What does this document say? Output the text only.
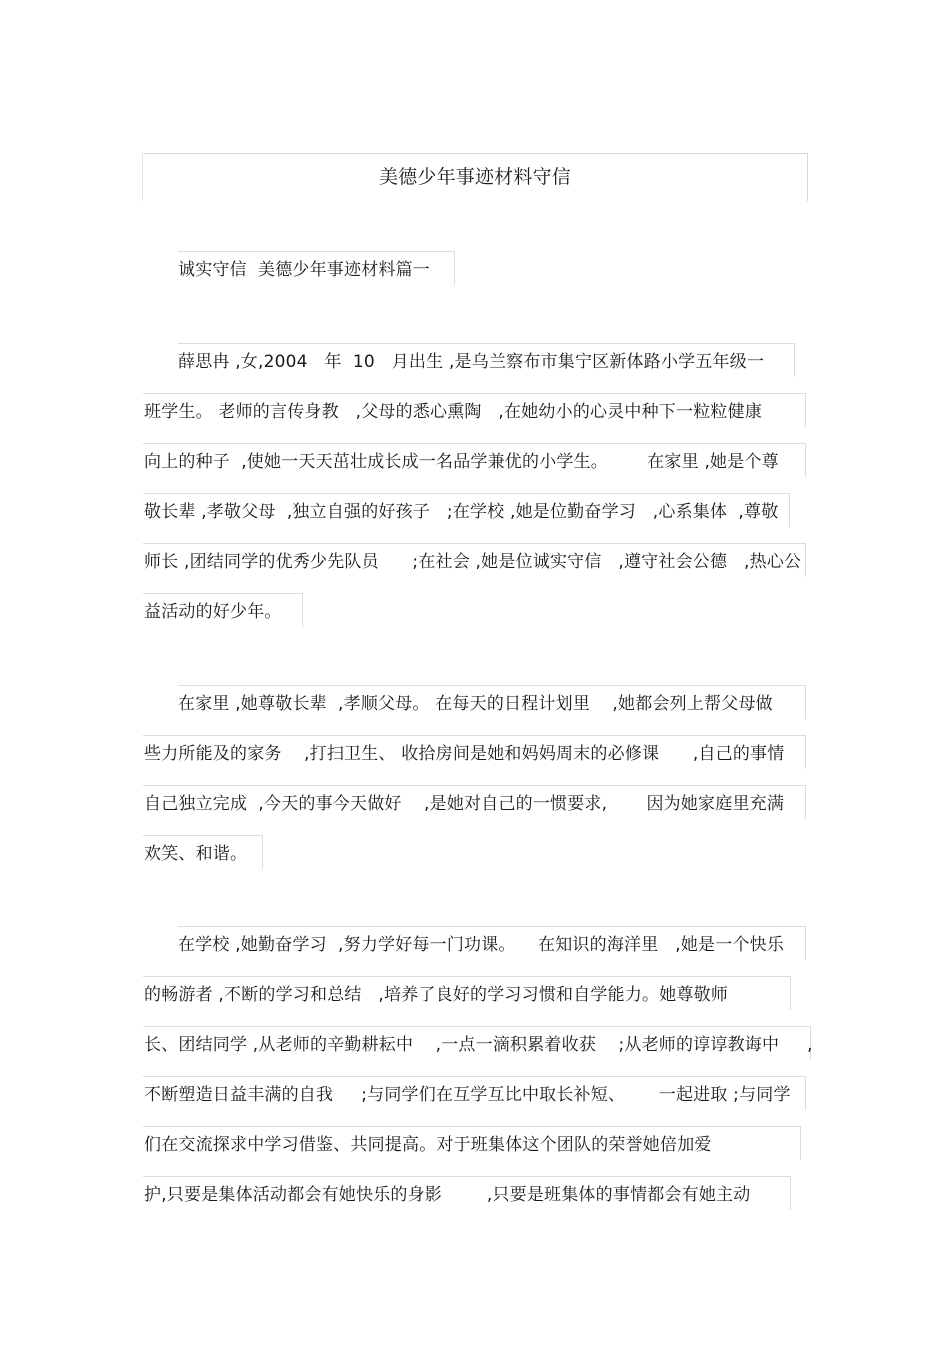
美德少年事迹材料守信
诚实守信  美德少年事迹材料篇一
薛思冉 ,女,2004   年  10   月出生 ,是乌兰察布市集宁区新体路小学五年级一
班学生。 老师的言传身教   ,父母的悉心熏陶   ,在她幼小的心灵中种下一粒粒健康
向上的种子  ,使她一天天茁壮成长成一名品学兼优的小学生。       在家里 ,她是个尊
敬长辈 ,孝敬父母  ,独立自强的好孩子   ;在学校 ,她是位勤奋学习   ,心系集体  ,尊敬
师长 ,团结同学的优秀少先队员      ;在社会 ,她是位诚实守信   ,遵守社会公德   ,热心公
益活动的好少年。
在家里 ,她尊敬长辈  ,孝顺父母。 在每天的日程计划里    ,她都会列上帮父母做
些力所能及的家务    ,打扫卫生、 收拾房间是她和妈妈周末的必修课      ,自己的事情
自己独立完成  ,今天的事今天做好    ,是她对自己的一惯要求,       因为她家庭里充满
欢笑、和谐。
在学校 ,她勤奋学习  ,努力学好每一门功课。    在知识的海洋里   ,她是一个快乐
的畅游者 ,不断的学习和总结   ,培养了良好的学习习惯和自学能力。她尊敬师
长、团结同学 ,从老师的辛勤耕耘中    ,一点一滴积累着收获    ;从老师的谆谆教诲中     ,
不断塑造日益丰满的自我     ;与同学们在互学互比中取长补短、      一起进取 ;与同学
们在交流探求中学习借鉴、共同提高。对于班集体这个团队的荣誉她倍加爱
护,只要是集体活动都会有她快乐的身影        ,只要是班集体的事情都会有她主动
